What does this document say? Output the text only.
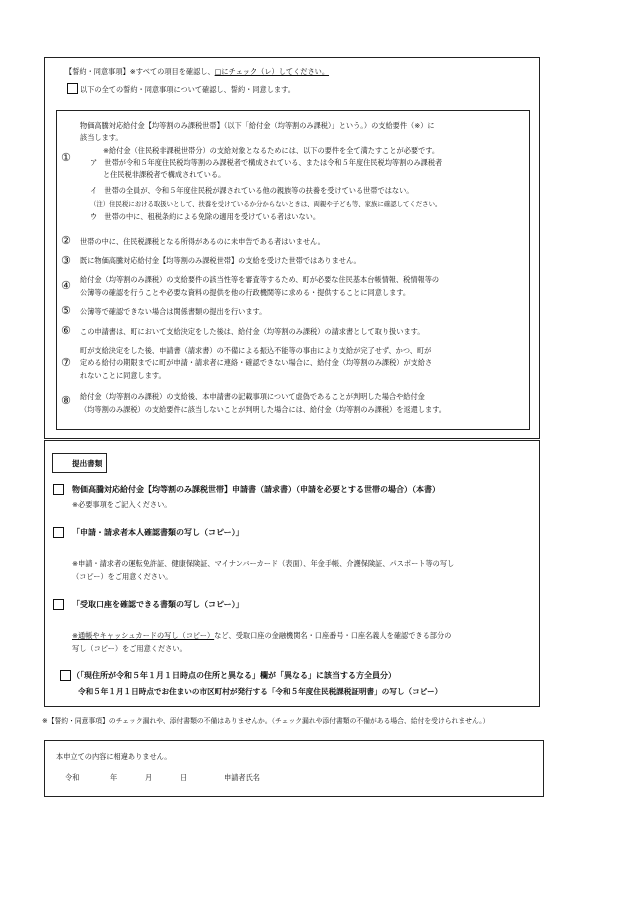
【誓約・同意事項】※すべての項目を確認し、□にチェック（レ）してください。
以下の全ての誓約・同意事項について確認し、誓約・同意します。
①
物価高騰対応給付金【均等割のみ課税世帯】（以下「給付金（均等割のみ課税）」という。）の支給要件（※）に
該当します。
※給付金（住民税非課税世帯分）の支給対象となるためには、以下の要件を全て満たすことが必要です。
ア　世帯が令和５年度住民税均等割のみ課税者で構成されている、または令和５年度住民税均等割のみ課税者
と住民税非課税者で構成されている。
イ　世帯の全員が、令和５年度住民税が課されている他の親族等の扶養を受けている世帯ではない。
（注）住民税における取扱いとして、扶養を受けているか分からないときは、両親や子ども等、家族に確認してください。
ウ　世帯の中に、租税条約による免除の適用を受けている者はいない。
② 世帯の中に、住民税課税となる所得があるのに未申告である者はいません。
③ 既に物価高騰対応給付金【均等割のみ課税世帯】の支給を受けた世帯ではありません。
④ 給付金（均等割のみ課税）の支給要件の該当性等を審査等するため、町が必要な住民基本台帳情報、税情報等の
公簿等の確認を行うことや必要な資料の提供を他の行政機関等に求める・提供することに同意します。
⑤ 公簿等で確認できない場合は関係書類の提出を行います。
⑥ この申請書は、町において支給決定をした後は、給付金（均等割のみ課税）の請求書として取り扱います。
⑦
町が支給決定をした後、申請書（請求書）の不備による振込不能等の事由により支給が完了せず、かつ、町が
定める給付の期限までに町が申請・請求者に連絡・確認できない場合に、給付金（均等割のみ課税）が支給さ
れないことに同意します。
⑧ 給付金（均等割のみ課税）の支給後、本申請書の記載事項について虚偽であることが判明した場合や給付金
（均等割のみ課税）の支給要件に該当しないことが判明した場合には、給付金（均等割のみ課税）を返還します。
提出書類
物価高騰対応給付金【均等割のみ課税世帯】申請書（請求書）（申請を必要とする世帯の場合）（本書）
※必要事項をご記入ください。
「申請・請求者本人確認書類の写し（コピー）」
※申請・請求者の運転免許証、健康保険証、マイナンバーカード（表面）、年金手帳、介護保険証、パスポート等の写し
（コピー）をご用意ください。
「受取口座を確認できる書類の写し（コピー）」
※通帳やキャッシュカードの写し（コピー）など、受取口座の金融機関名・口座番号・口座名義人を確認できる部分の
写し（コピー）をご用意ください。
（「現住所が令和５年１月１日時点の住所と異なる」欄が「異なる」に該当する方全員分）
令和５年１月１日時点でお住まいの市区町村が発行する「令和５年度住民税課税証明書」の写し（コピー）
※【誓約・同意事項】のチェック漏れや、添付書類の不備はありませんか。（チェック漏れや添付書類の不備がある場合、給付を受けられません。）
本申立ての内容に相違ありません。
令和	年	月	日	申請者氏名
